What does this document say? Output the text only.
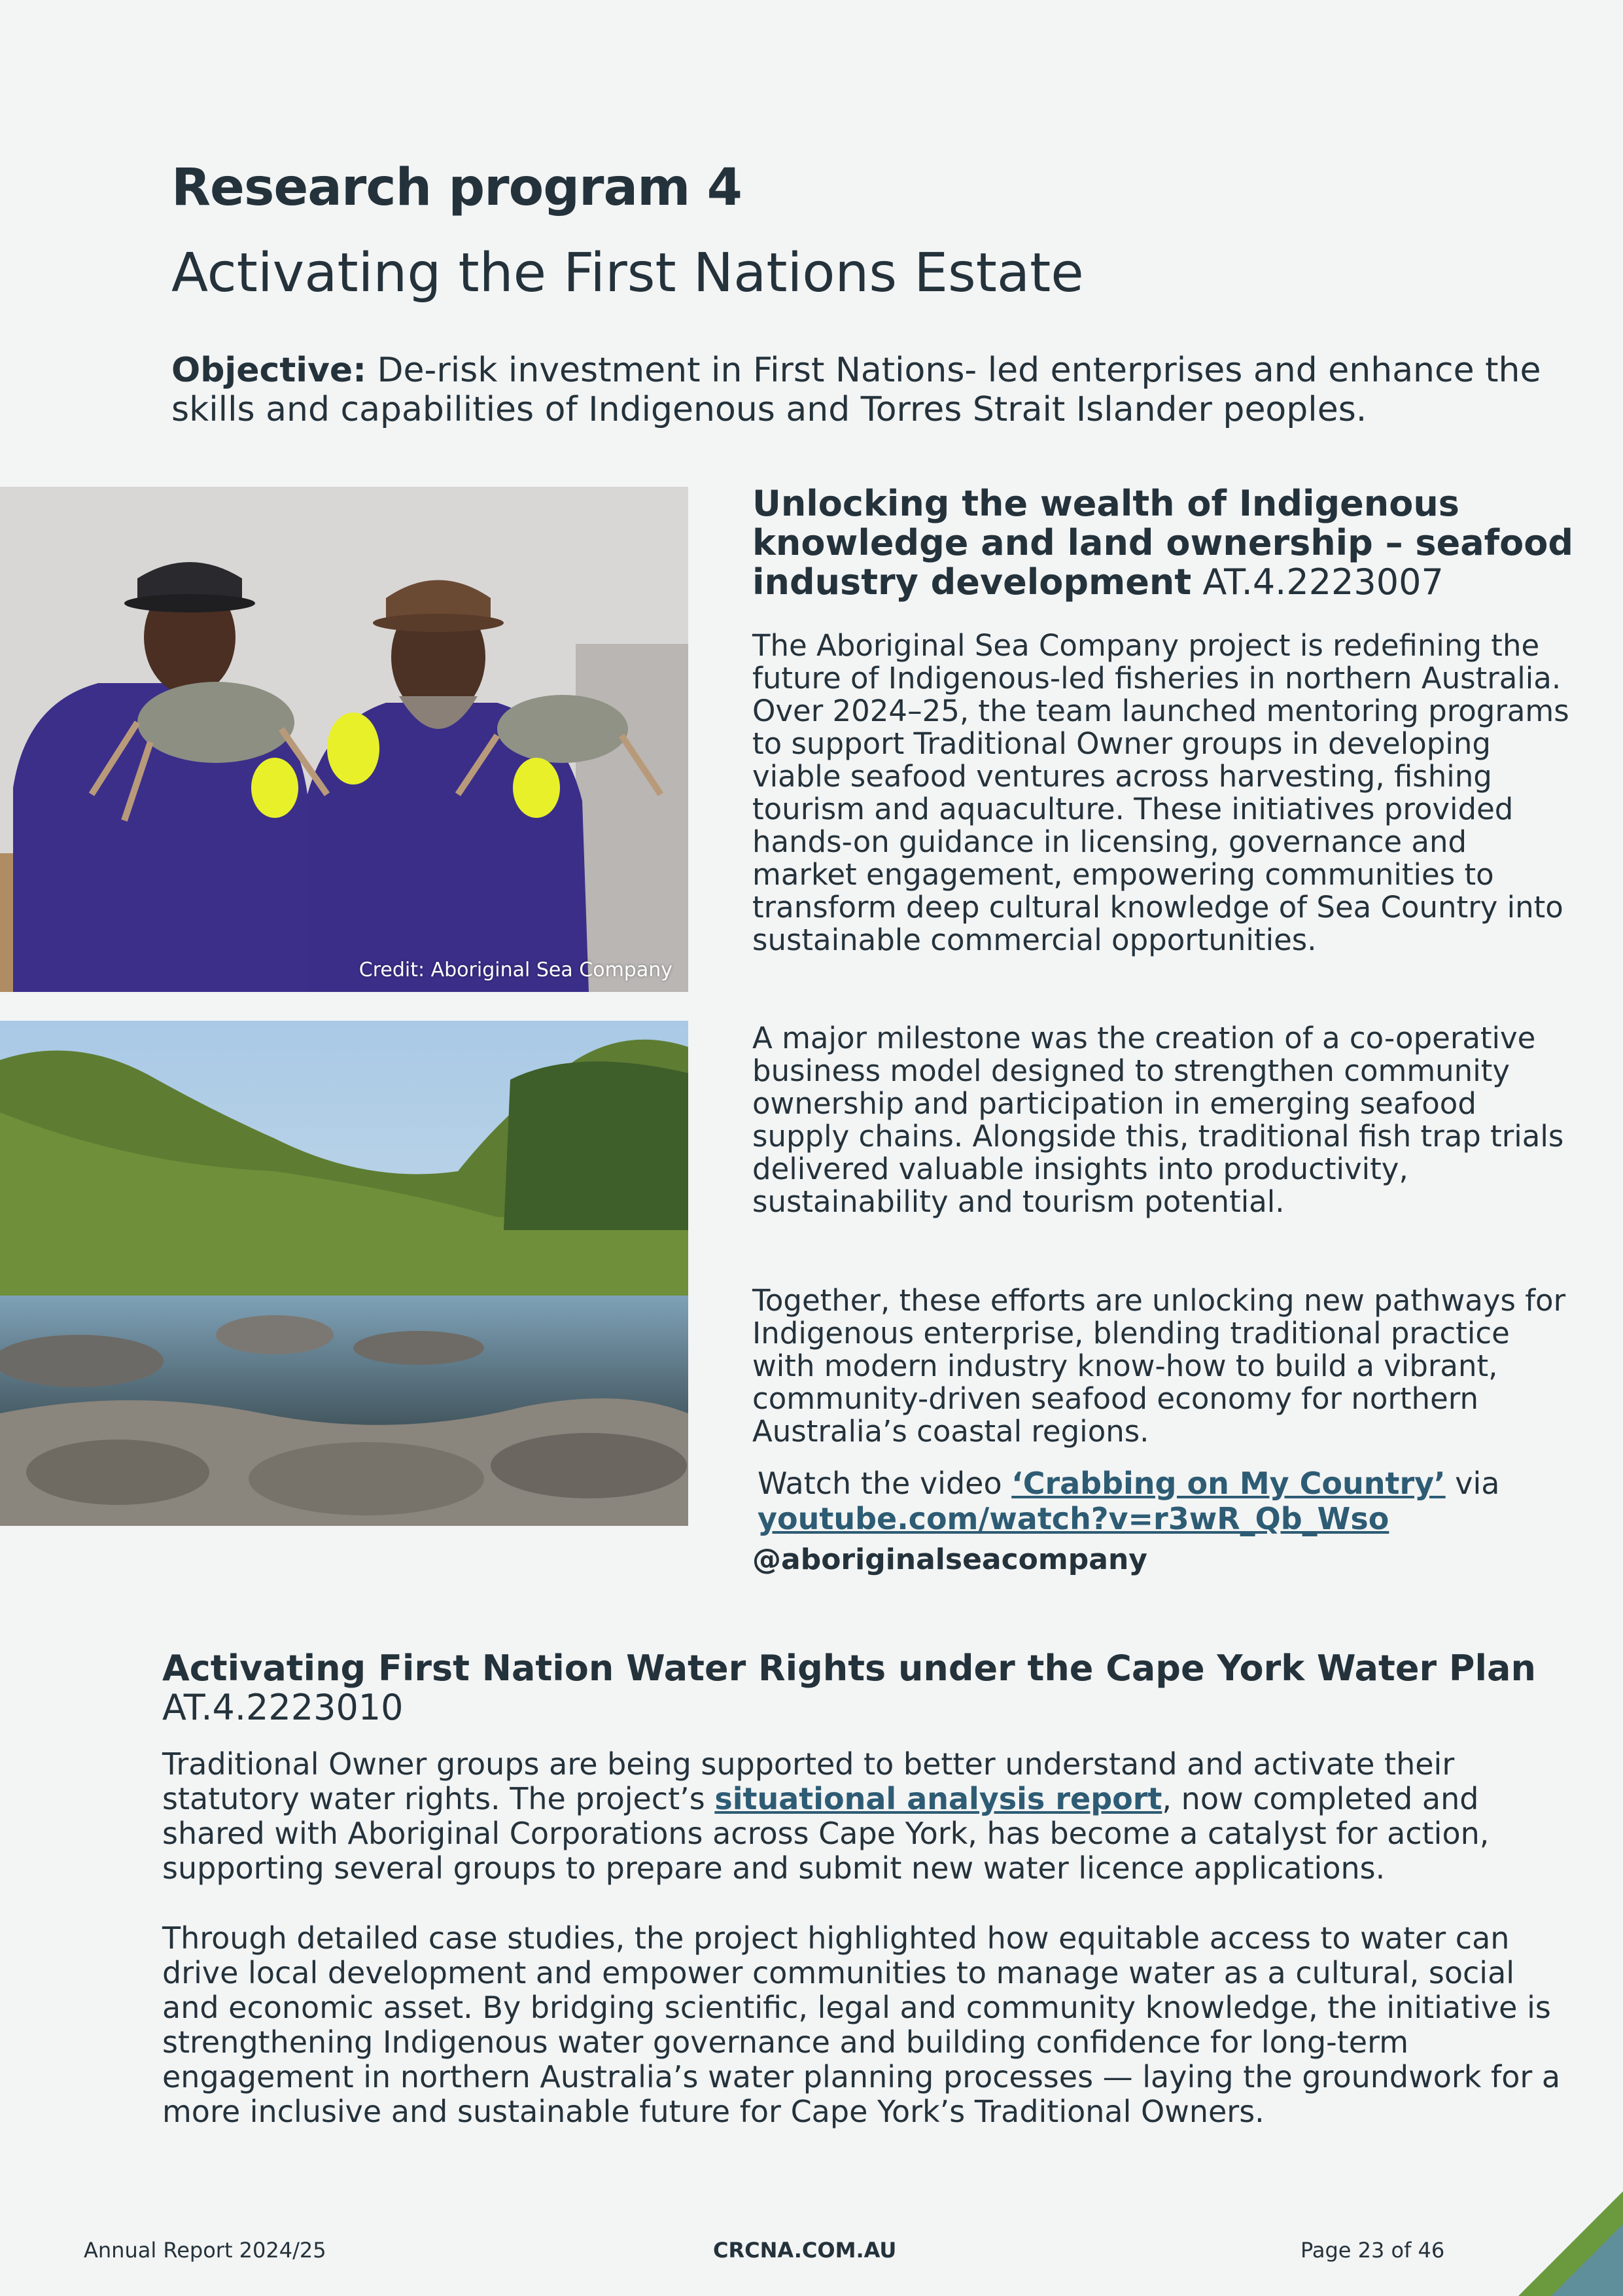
Research program 4
Activating the First Nations Estate
Objective: De-risk investment in First Nations- led enterprises and enhance the skills and capabilities of Indigenous and Torres Strait Islander peoples.
Credit: Aboriginal Sea Company
Unlocking the wealth of Indigenous knowledge and land ownership – seafood industry development AT.4.2223007
The Aboriginal Sea Company project is redefining the future of Indigenous-led fisheries in northern Australia. Over 2024–25, the team launched mentoring programs to support Traditional Owner groups in developing viable seafood ventures across harvesting, fishing tourism and aquaculture. These initiatives provided hands-on guidance in licensing, governance and market engagement, empowering communities to transform deep cultural knowledge of Sea Country into sustainable commercial opportunities.
A major milestone was the creation of a co-operative business model designed to strengthen community ownership and participation in emerging seafood supply chains. Alongside this, traditional fish trap trials delivered valuable insights into productivity, sustainability and tourism potential.
Together, these efforts are unlocking new pathways for Indigenous enterprise, blending traditional practice with modern industry know-how to build a vibrant, community-driven seafood economy for northern Australia’s coastal regions.
Watch the video ‘Crabbing on My Country’ via
youtube.com/watch?v=r3wR_Qb_Wso
@aboriginalseacompany
Activating First Nation Water Rights under the Cape York Water Plan
AT.4.2223010
Traditional Owner groups are being supported to better understand and activate their statutory water rights. The project’s situational analysis report, now completed and shared with Aboriginal Corporations across Cape York, has become a catalyst for action, supporting several groups to prepare and submit new water licence applications.
Through detailed case studies, the project highlighted how equitable access to water can drive local development and empower communities to manage water as a cultural, social and economic asset. By bridging scientific, legal and community knowledge, the initiative is strengthening Indigenous water governance and building confidence for long-term engagement in northern Australia’s water planning processes — laying the groundwork for a more inclusive and sustainable future for Cape York’s Traditional Owners.
Annual Report 2024/25	CRCNA.COM.AU	Page 23 of 46
